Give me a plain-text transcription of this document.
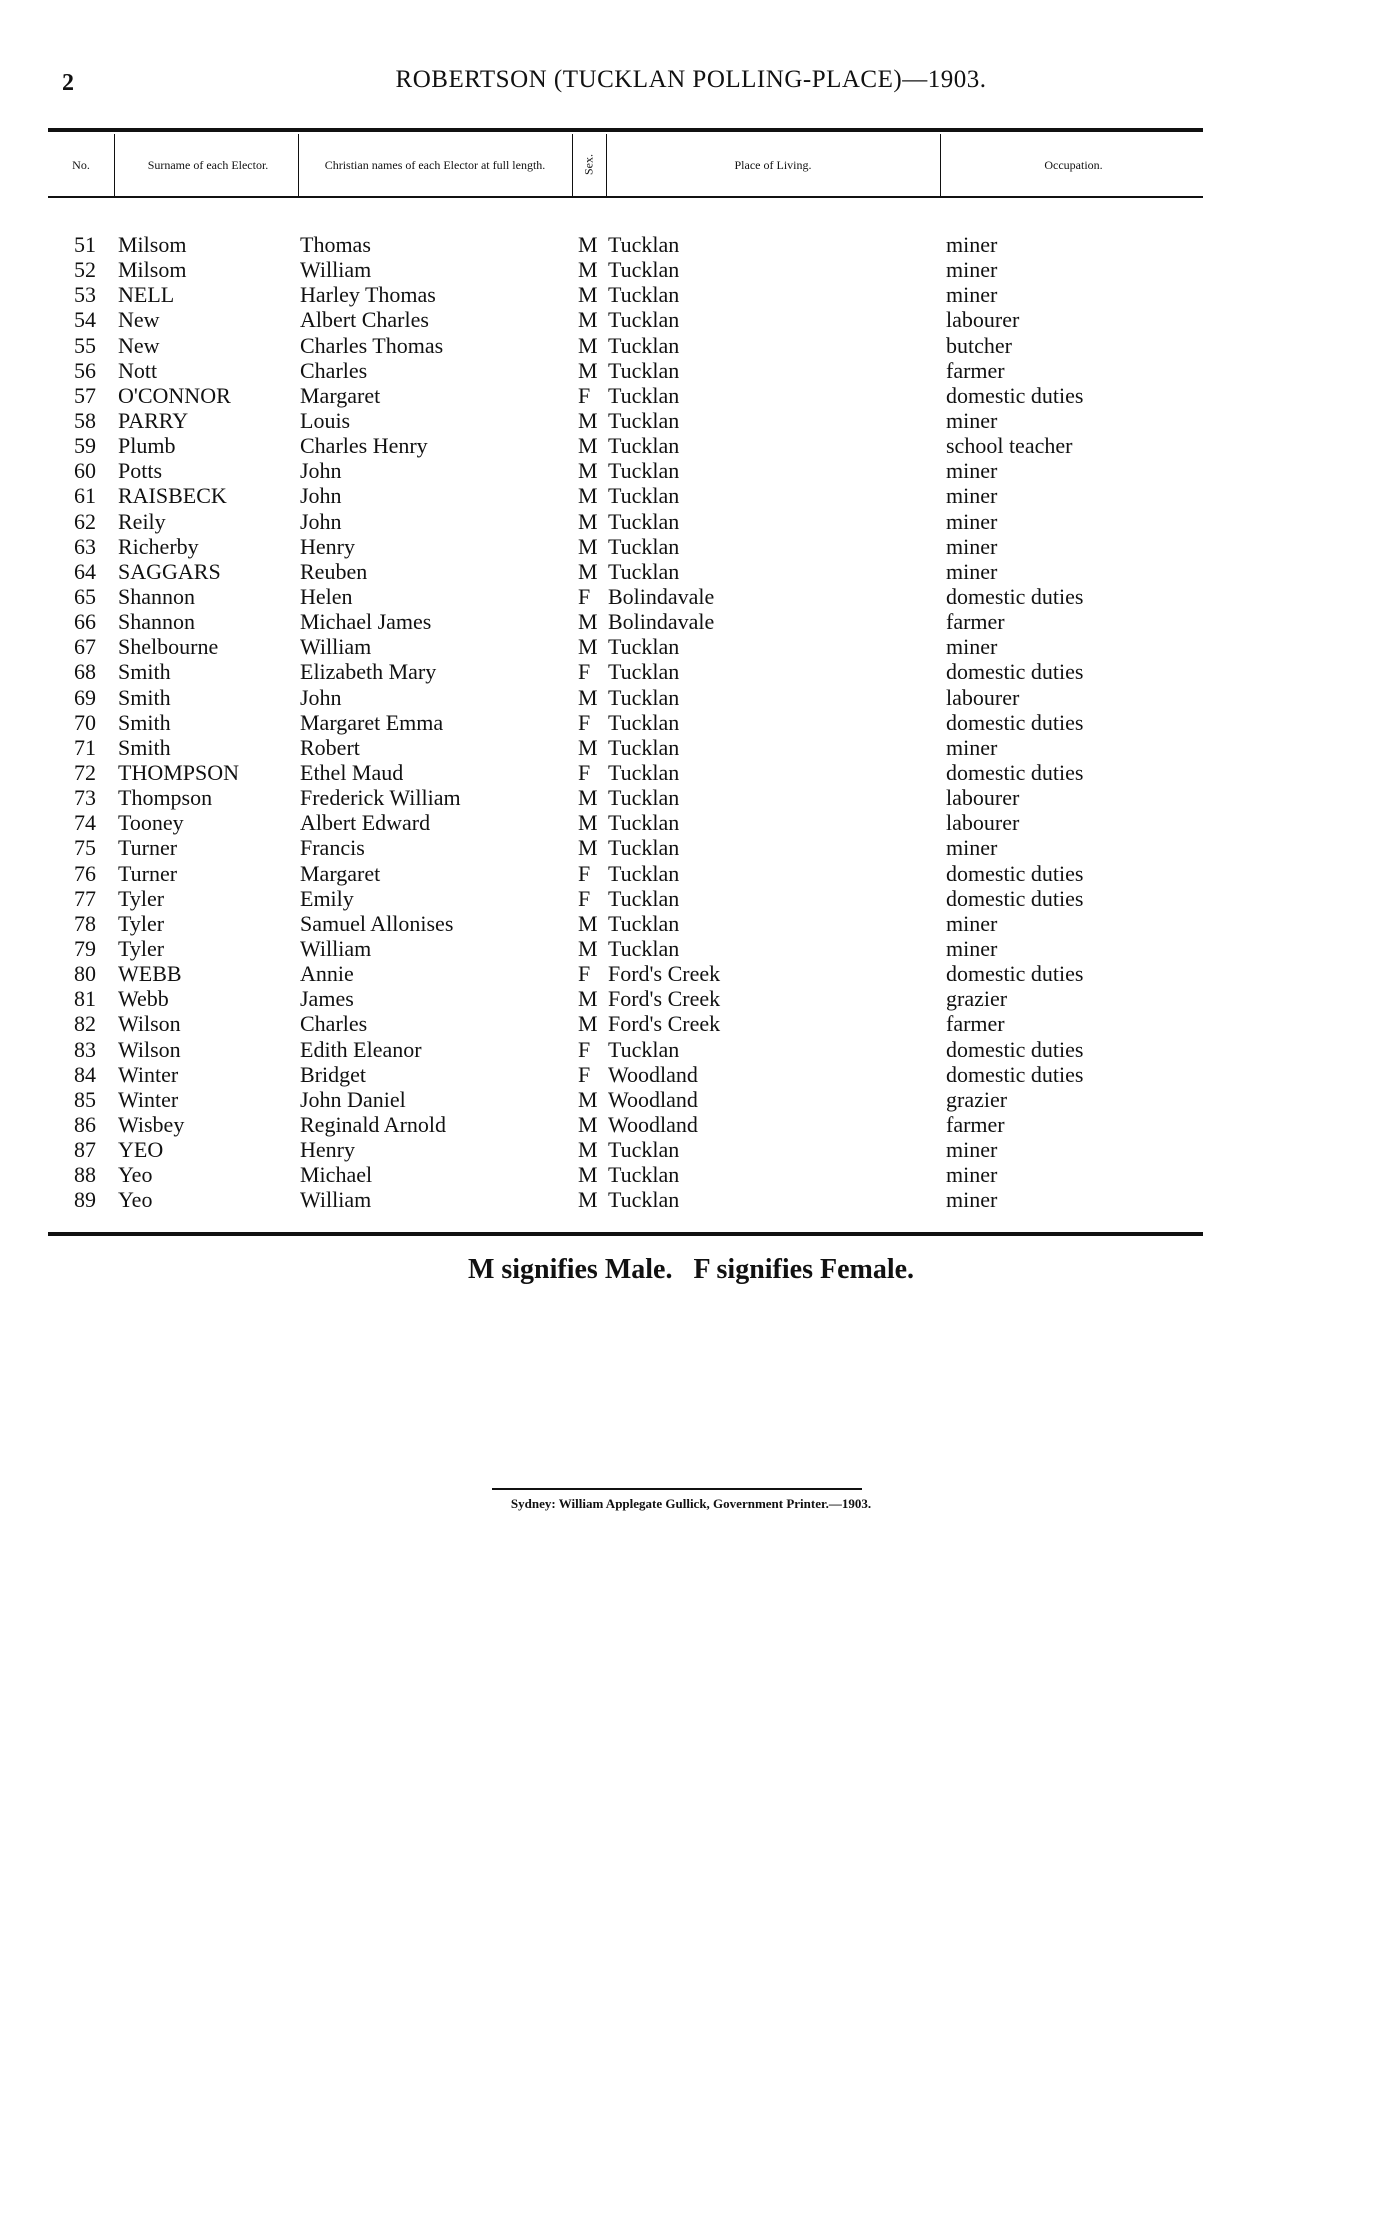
2	ROBERTSON (TUCKLAN POLLING-PLACE)—1903.
No.	Surname of each Elector.	Christian names of each Elector at full length.	Sex.	Place of Living.	Occupation.
51 Milsom	Thomas	M Tucklan	miner
52 Milsom	William	M Tucklan	miner
53 NELL	Harley Thomas	M Tucklan	miner
54 New	Albert Charles	M Tucklan	labourer
55 New	Charles Thomas	M Tucklan	butcher
56 Nott	Charles	M Tucklan	farmer
57 O'CONNOR	Margaret	F Tucklan	domestic duties
58 PARRY	Louis	M Tucklan	miner
59 Plumb	Charles Henry	M Tucklan	school teacher
60 Potts	John	M Tucklan	miner
61 RAISBECK	John	M Tucklan	miner
62 Reily	John	M Tucklan	miner
63 Richerby	Henry	M Tucklan	miner
64 SAGGARS	Reuben	M Tucklan	miner
65 Shannon	Helen	F Bolindavale	domestic duties
66 Shannon	Michael James	M Bolindavale	farmer
67 Shelbourne	William	M Tucklan	miner
68 Smith	Elizabeth Mary	F Tucklan	domestic duties
69 Smith	John	M Tucklan	labourer
70 Smith	Margaret Emma	F Tucklan	domestic duties
71 Smith	Robert	M Tucklan	miner
72 THOMPSON	Ethel Maud	F Tucklan	domestic duties
73 Thompson	Frederick William	M Tucklan	labourer
74 Tooney	Albert Edward	M Tucklan	labourer
75 Turner	Francis	M Tucklan	miner
76 Turner	Margaret	F Tucklan	domestic duties
77 Tyler	Emily	F Tucklan	domestic duties
78 Tyler	Samuel Allonises	M Tucklan	miner
79 Tyler	William	M Tucklan	miner
80 WEBB	Annie	F Ford's Creek	domestic duties
81 Webb	James	M Ford's Creek	grazier
82 Wilson	Charles	M Ford's Creek	farmer
83 Wilson	Edith Eleanor	F Tucklan	domestic duties
84 Winter	Bridget	F Woodland	domestic duties
85 Winter	John Daniel	M Woodland	grazier
86 Wisbey	Reginald Arnold	M Woodland	farmer
87 YEO	Henry	M Tucklan	miner
88 Yeo	Michael	M Tucklan	miner
89 Yeo	William	M Tucklan	miner
M signifies Male.   F signifies Female.
Sydney: William Applegate Gullick, Government Printer.—1903.
